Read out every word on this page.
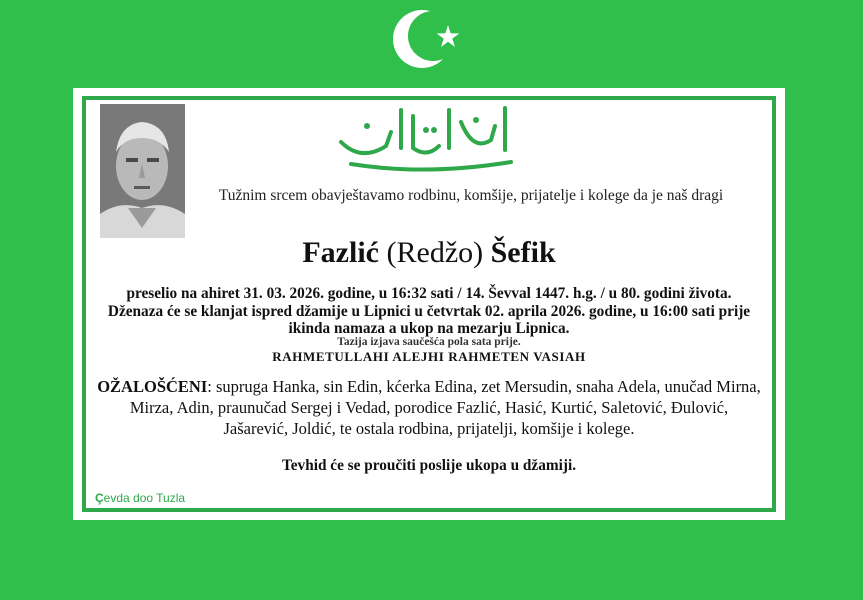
Tužnim srcem obavještavamo rodbinu, komšije, prijatelje i kolege da je naš dragi
Fazlić (Redžo) Šefik
preselio na ahiret 31. 03. 2026. godine, u 16:32 sati / 14. Ševval 1447. h.g. / u 80. godini života. Dženaza će se klanjat ispred džamije u Lipnici u četvrtak 02. aprila 2026. godine, u 16:00 sati prije ikinda namaza a ukop na mezarju Lipnica.
Tazija izjava saučešća pola sata prije.
RAHMETULLAHI ALEJHI RAHMETEN VASIAH
OŽALOŠĆENI: supruga Hanka, sin Edin, kćerka Edina, zet Mersudin, snaha Adela, unučad Mirna, Mirza, Adin, praunučad Sergej i Vedad, porodice Fazlić, Hasić, Kurtić, Saletović, Đulović, Jašarević, Joldić, te ostala rodbina, prijatelji, komšije i kolege.
Tevhid će se proučiti poslije ukopa u džamiji.
Çevda doo Tuzla
